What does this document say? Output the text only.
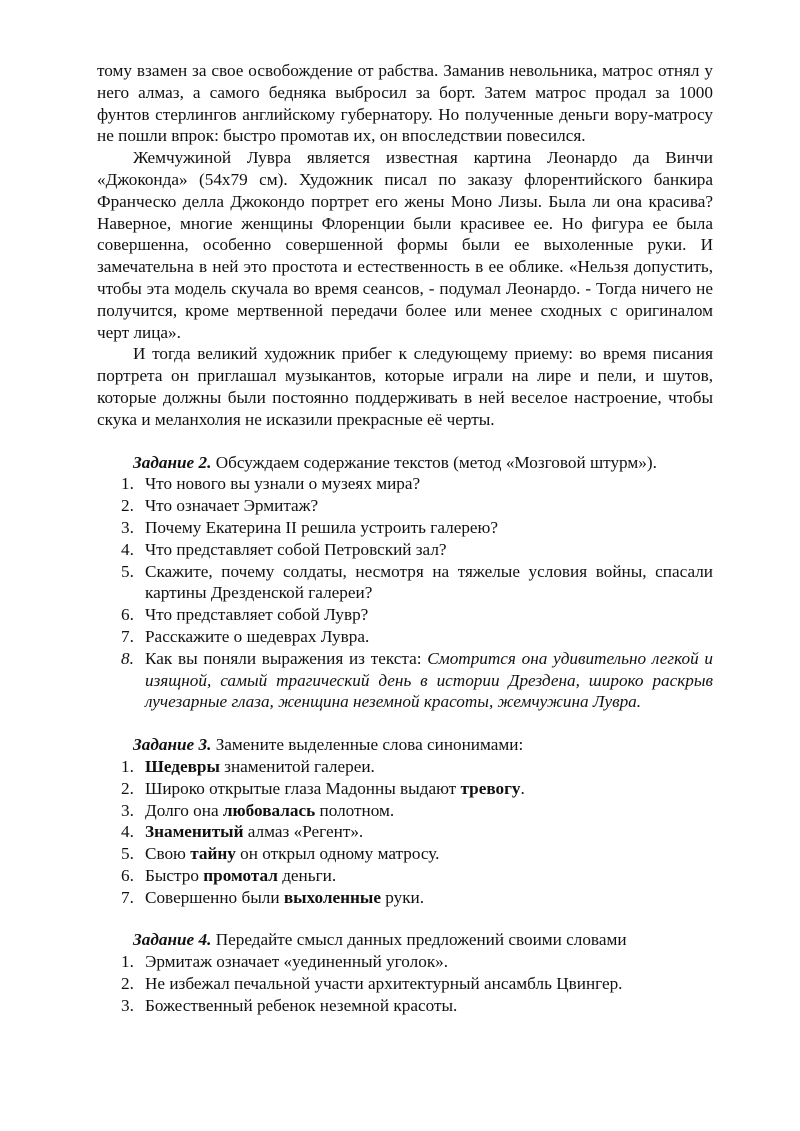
тому взамен за свое освобождение от рабства. Заманив невольника, матрос отнял у него алмаз, а самого бедняка выбросил за борт. Затем матрос продал за 1000 фунтов стерлингов английскому губернатору. Но полученные деньги вору-матросу не пошли впрок: быстро промотав их, он впоследствии повесился.

Жемчужиной Лувра является известная картина Леонардо да Винчи «Джоконда» (54х79 см). Художник писал по заказу флорентийского банкира Франческо делла Джокондо портрет его жены Моно Лизы. Была ли она красива? Наверное, многие женщины Флоренции были красивее ее. Но фигура ее была совершенна, особенно совершенной формы были ее выхоленные руки. И замечательна в ней это простота и естественность в ее облике. «Нельзя допустить, чтобы эта модель скучала во время сеансов, - подумал Леонардо. - Тогда ничего не получится, кроме мертвенной передачи более или менее сходных с оригиналом черт лица».

И тогда великий художник прибег к следующему приему: во время писания портрета он приглашал музыкантов, которые играли на лире и пели, и шутов, которые должны были постоянно поддерживать в ней веселое настроение, чтобы скука и меланхолия не исказили прекрасные её черты.

Задание 2. Обсуждаем содержание текстов (метод «Мозговой штурм»).

1. Что нового вы узнали о музеях мира?
2. Что означает Эрмитаж?
3. Почему Екатерина II решила устроить галерею?
4. Что представляет собой Петровский зал?
5. Скажите, почему солдаты, несмотря на тяжелые условия войны, спасали картины Дрезденской галереи?
6. Что представляет собой Лувр?
7. Расскажите о шедеврах Лувра.
8. Как вы поняли выражения из текста: Смотрится она удивительно легкой и изящной, самый трагический день в истории Дрездена, широко раскрыв лучезарные глаза, женщина неземной красоты, жемчужина Лувра.

Задание 3. Замените выделенные слова синонимами:

1. Шедевры знаменитой галереи.
2. Широко открытые глаза Мадонны выдают тревогу.
3. Долго она любовалась полотном.
4. Знаменитый алмаз «Регент».
5. Свою тайну он открыл одному матросу.
6. Быстро промотал деньги.
7. Совершенно были выхоленные руки.

Задание 4. Передайте смысл данных предложений своими словами

1. Эрмитаж означает «уединенный уголок».
2. Не избежал печальной участи архитектурный ансамбль Цвингер.
3. Божественный ребенок неземной красоты.
